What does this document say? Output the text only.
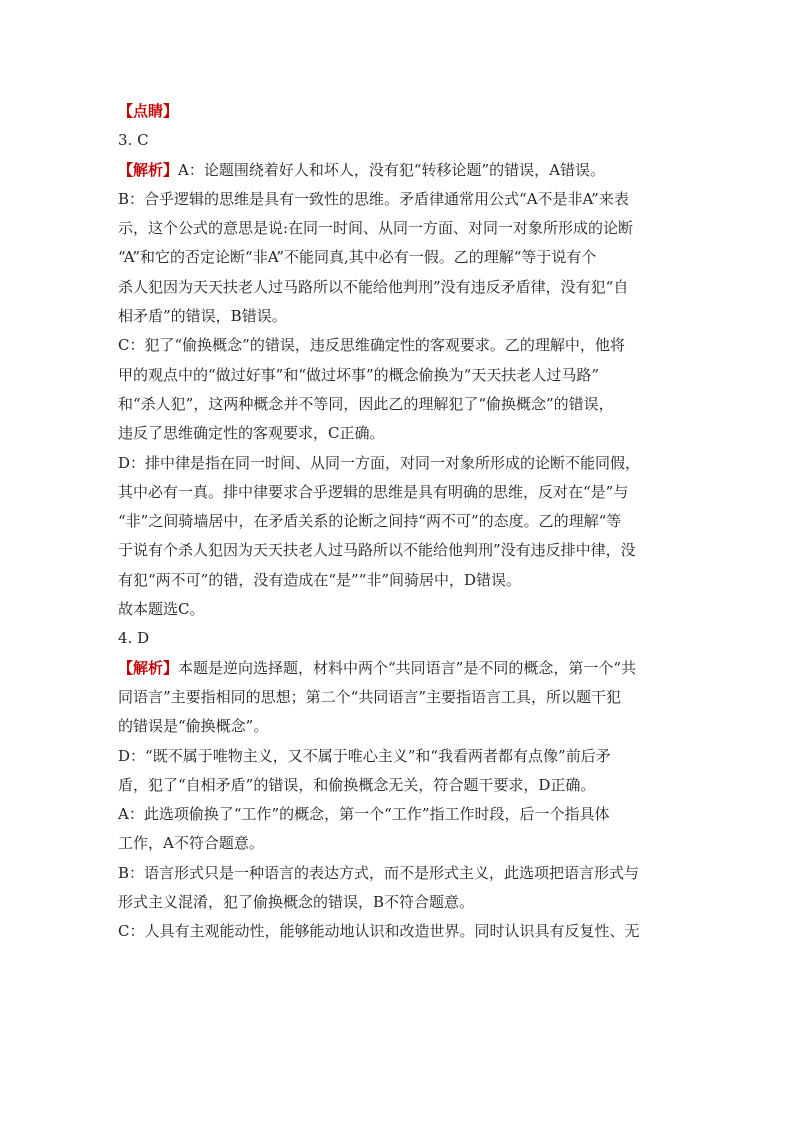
【点睛】
3. C
【解析】A：论题围绕着好人和坏人，没有犯“转移论题”的错误，A错误。
B：合乎逻辑的思维是具有一致性的思维。矛盾律通常用公式“A不是非A”来表
示，这个公式的意思是说:在同一时间、从同一方面、对同一对象所形成的论断
“A”和它的否定论断“非A”不能同真,其中必有一假。乙的理解“等于说有个
杀人犯因为天天扶老人过马路所以不能给他判刑”没有违反矛盾律，没有犯“自
相矛盾”的错误，B错误。
C：犯了“偷换概念”的错误，违反思维确定性的客观要求。乙的理解中，他将
甲的观点中的“做过好事”和“做过坏事”的概念偷换为“天天扶老人过马路”
和“杀人犯”，这两种概念并不等同，因此乙的理解犯了“偷换概念”的错误，
违反了思维确定性的客观要求，C正确。
D：排中律是指在同一时间、从同一方面，对同一对象所形成的论断不能同假，
其中必有一真。排中律要求合乎逻辑的思维是具有明确的思维，反对在“是”与
“非”之间骑墙居中，在矛盾关系的论断之间持“两不可”的态度。乙的理解“等
于说有个杀人犯因为天天扶老人过马路所以不能给他判刑”没有违反排中律，没
有犯“两不可”的错，没有造成在“是”“非”间骑居中，D错误。
故本题选C。
4. D
【解析】本题是逆向选择题，材料中两个“共同语言”是不同的概念，第一个“共
同语言”主要指相同的思想；第二个“共同语言”主要指语言工具，所以题干犯
的错误是“偷换概念”。
D：“既不属于唯物主义，又不属于唯心主义”和“我看两者都有点像”前后矛
盾，犯了“自相矛盾”的错误，和偷换概念无关，符合题干要求，D正确。
A：此选项偷换了“工作”的概念，第一个“工作”指工作时段，后一个指具体
工作，A不符合题意。
B：语言形式只是一种语言的表达方式，而不是形式主义，此选项把语言形式与
形式主义混淆，犯了偷换概念的错误，B不符合题意。
C：人具有主观能动性，能够能动地认识和改造世界。同时认识具有反复性、无
